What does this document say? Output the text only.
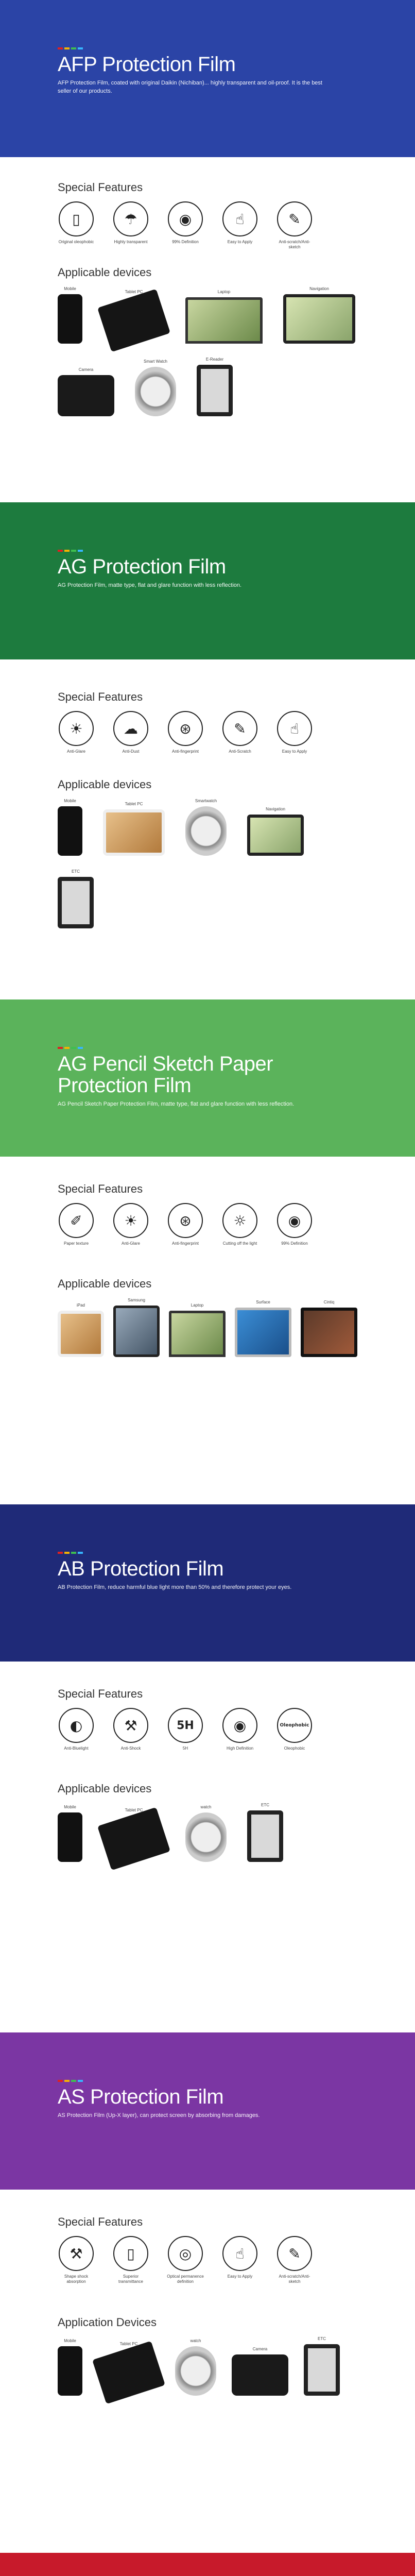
AFP Protection Film

AFP Protection Film, coated with original Daikin (Nichiban)... highly transparent and oil-proof. It is the best seller of our products.

Special Features
▯
Original oleophobic
☂
Highly transparent
◉
99% Definition
☝
Easy to Apply
✎
Anti-scratch/Anti-sketch
Applicable devices
Mobile
Tablet PC	Laptop
Navigation
Camera
Smart Watch	E-Reader
AG Protection Film

AG Protection Film, matte type, flat and glare function with less reflection.

Special Features
☀
Anti-Glare
☁
Anti-Dust
⊛
Anti-fingerprint
✎
Anti-Scratch
☝
Easy to Apply
Applicable devices
Mobile
Tablet PC
Smartwatch
Navigation
ETC
AG Pencil Sketch Paper Protection Film

AG Pencil Sketch Paper Protection Film, matte type, flat and glare function with less reflection.

Special Features
✐
Paper texture
☀
Anti-Glare
⊛
Anti-fingerprint
☼
Cutting off the light
◉
99% Definition
Applicable devices
iPad
Samsung
Laptop
Surface	Cintiq
AB Protection Film

AB Protection Film, reduce harmful blue light more than 50% and therefore protect your eyes.

Special Features
◐
Anti-Bluelight
⚒
Anti-Shock
5H
5H
◉
High Definition
Oleophobic
Oleophobic
Applicable devices
Mobile
Tablet PC
watch	ETC
AS Protection Film

AS Protection Film (Up-X layer), can protect screen by absorbing from damages.

Special Features
⚒
Shape shock absorption
▯
Superior transmittance
◎
Optical permanence definition
☝
Easy to Apply
✎
Anti-scratch/Anti-sketch
Application Devices
Mobile
Tablet PC
watch
Camera
ETC
